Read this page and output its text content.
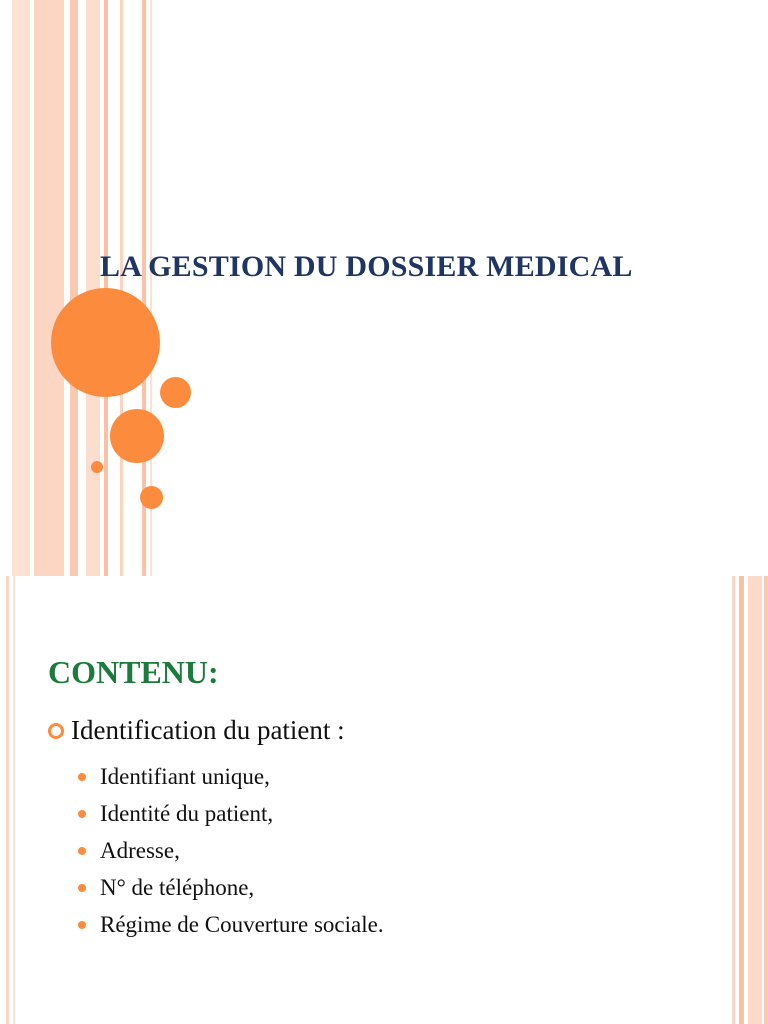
LA GESTION DU DOSSIER MEDICAL
CONTENU:
Identification du patient :
Identifiant unique,
Identité du patient,
Adresse,
N° de téléphone,
Régime de Couverture sociale.
